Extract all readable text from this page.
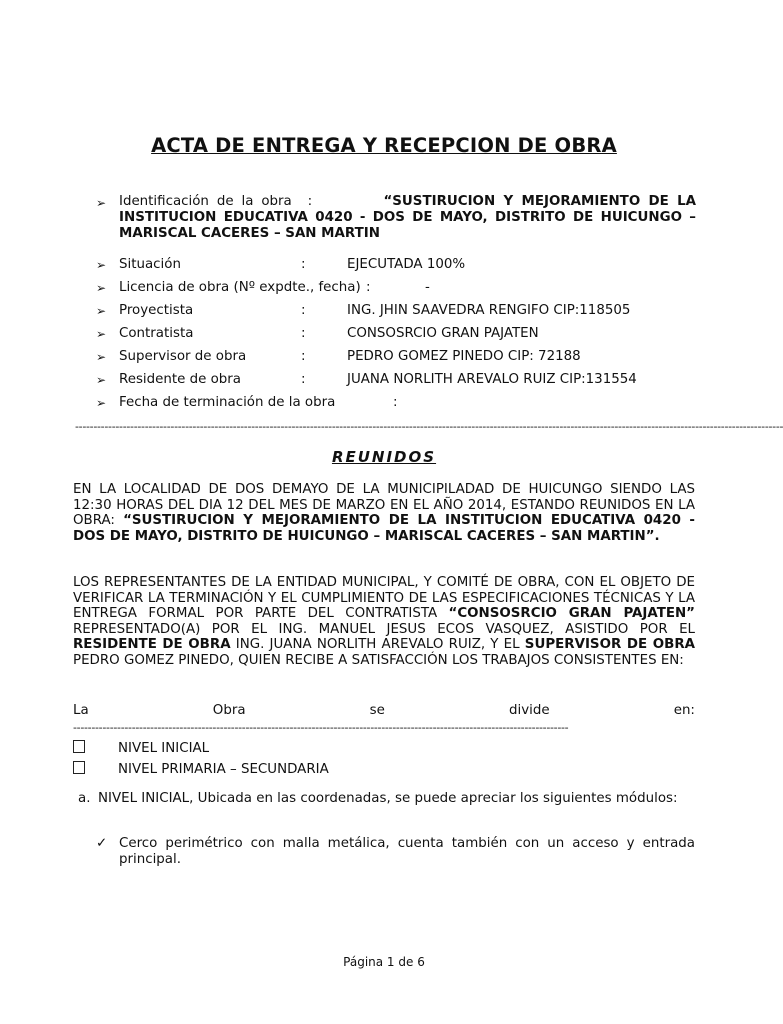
ACTA DE ENTREGA Y RECEPCION DE OBRA
➢ Identificación de la obra :	“SUSTIRUCION Y MEJORAMIENTO DE LA INSTITUCION EDUCATIVA 0420 - DOS DE MAYO, DISTRITO DE HUICUNGO – MARISCAL CACERES – SAN MARTIN
➢ Situación	:	EJECUTADA 100%
➢ Licencia de obra (Nº expdte., fecha) :	-
➢ Proyectista	:	ING. JHIN SAAVEDRA RENGIFO CIP:118505
➢ Contratista	:	CONSOSRCIO GRAN PAJATEN
➢ Supervisor de obra	:	PEDRO GOMEZ PINEDO CIP: 72188
➢ Residente de obra	:	JUANA NORLITH AREVALO RUIZ CIP:131554
➢ Fecha de terminación de la obra	:
-------------------------------------------------------------------------------------------------------------------------------------------------------------------------------------------------
REUNIDOS
EN LA LOCALIDAD DE DOS DEMAYO DE LA MUNICIPILADAD DE HUICUNGO SIENDO LAS 12:30 HORAS DEL DIA 12 DEL MES DE MARZO EN EL AÑO 2014, ESTANDO REUNIDOS EN LA OBRA: “SUSTIRUCION Y MEJORAMIENTO DE LA INSTITUCION EDUCATIVA 0420 - DOS DE MAYO, DISTRITO DE HUICUNGO – MARISCAL CACERES – SAN MARTIN”.
LOS REPRESENTANTES DE LA ENTIDAD MUNICIPAL, Y COMITÉ DE OBRA, CON EL OBJETO DE VERIFICAR LA TERMINACIÓN Y EL CUMPLIMIENTO DE LAS ESPECIFICACIONES TÉCNICAS Y LA ENTREGA FORMAL POR PARTE DEL CONTRATISTA “CONSOSRCIO GRAN PAJATEN” REPRESENTADO(A) POR EL ING. MANUEL JESUS ECOS VASQUEZ, ASISTIDO POR EL RESIDENTE DE OBRA ING. JUANA NORLITH AREVALO RUIZ, Y EL SUPERVISOR DE OBRA PEDRO GOMEZ PINEDO, QUIEN RECIBE A SATISFACCIÓN LOS TRABAJOS CONSISTENTES EN:
La	Obra	se	divide	en:
---------------------------------------------------------------------------------------------------------------------------------------
NIVEL INICIAL
NIVEL PRIMARIA – SECUNDARIA
a. NIVEL INICIAL, Ubicada en las coordenadas, se puede apreciar los siguientes módulos:
✓ Cerco perimétrico con malla metálica, cuenta también con un acceso y entrada principal.
Página 1 de 6
